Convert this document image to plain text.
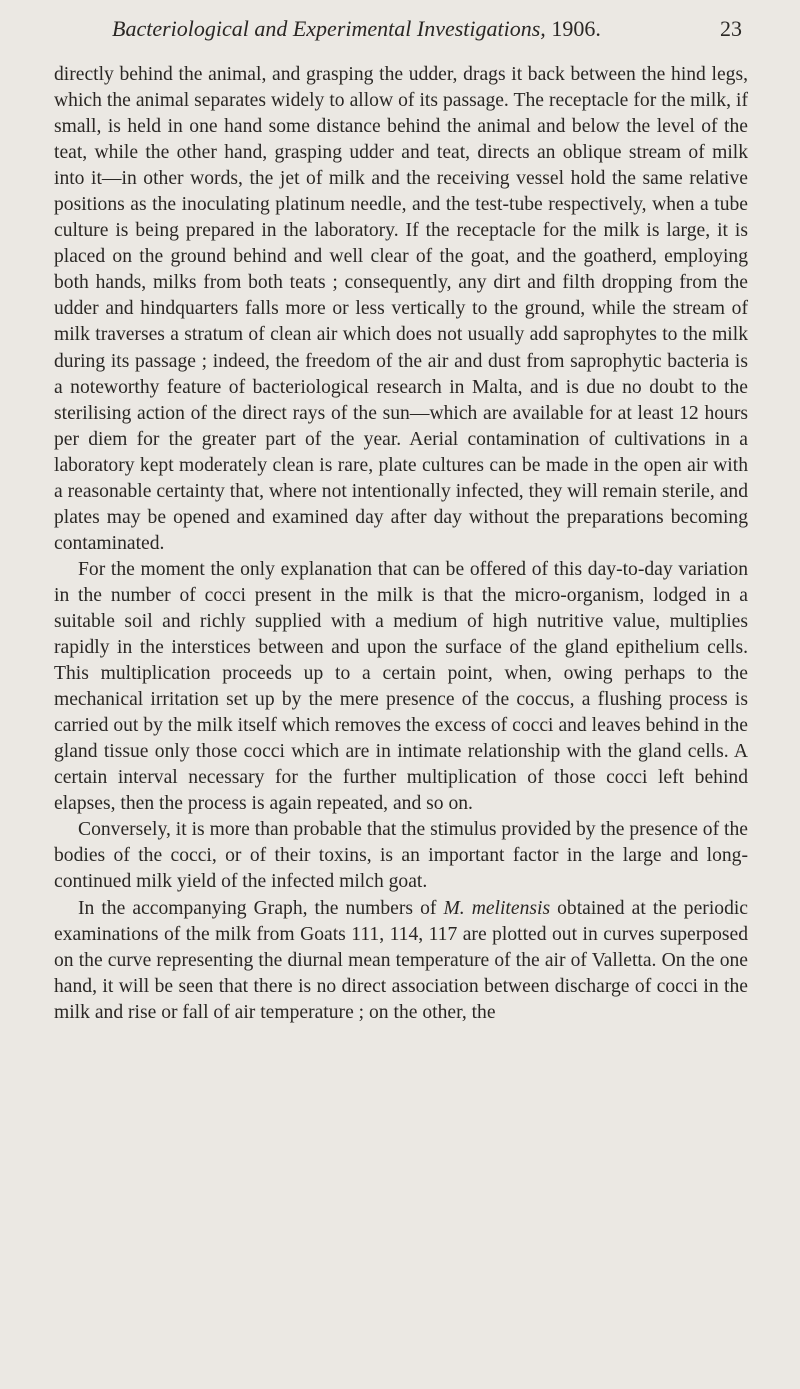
Bacteriological and Experimental Investigations, 1906.	23

directly behind the animal, and grasping the udder, drags it back between the hind legs, which the animal separates widely to allow of its passage. The receptacle for the milk, if small, is held in one hand some distance behind the animal and below the level of the teat, while the other hand, grasping udder and teat, directs an oblique stream of milk into it—in other words, the jet of milk and the receiving vessel hold the same relative positions as the inoculating platinum needle, and the test-tube respectively, when a tube culture is being prepared in the laboratory. If the receptacle for the milk is large, it is placed on the ground behind and well clear of the goat, and the goatherd, employing both hands, milks from both teats ; consequently, any dirt and filth dropping from the udder and hindquarters falls more or less vertically to the ground, while the stream of milk traverses a stratum of clean air which does not usually add saprophytes to the milk during its passage ; indeed, the freedom of the air and dust from saprophytic bacteria is a noteworthy feature of bacteriological research in Malta, and is due no doubt to the sterilising action of the direct rays of the sun—which are available for at least 12 hours per diem for the greater part of the year. Aerial contamination of cultivations in a laboratory kept moderately clean is rare, plate cultures can be made in the open air with a reasonable certainty that, where not intentionally infected, they will remain sterile, and plates may be opened and examined day after day without the preparations becoming contaminated.

For the moment the only explanation that can be offered of this day-to-day variation in the number of cocci present in the milk is that the micro-organism, lodged in a suitable soil and richly supplied with a medium of high nutritive value, multiplies rapidly in the interstices between and upon the surface of the gland epithelium cells. This multiplication proceeds up to a certain point, when, owing perhaps to the mechanical irritation set up by the mere presence of the coccus, a flushing process is carried out by the milk itself which removes the excess of cocci and leaves behind in the gland tissue only those cocci which are in intimate relationship with the gland cells. A certain interval necessary for the further multiplication of those cocci left behind elapses, then the process is again repeated, and so on.

Conversely, it is more than probable that the stimulus provided by the presence of the bodies of the cocci, or of their toxins, is an important factor in the large and long-continued milk yield of the infected milch goat.

In the accompanying Graph, the numbers of M. melitensis obtained at the periodic examinations of the milk from Goats 111, 114, 117 are plotted out in curves superposed on the curve representing the diurnal mean temperature of the air of Valletta. On the one hand, it will be seen that there is no direct association between discharge of cocci in the milk and rise or fall of air temperature ; on the other, the
